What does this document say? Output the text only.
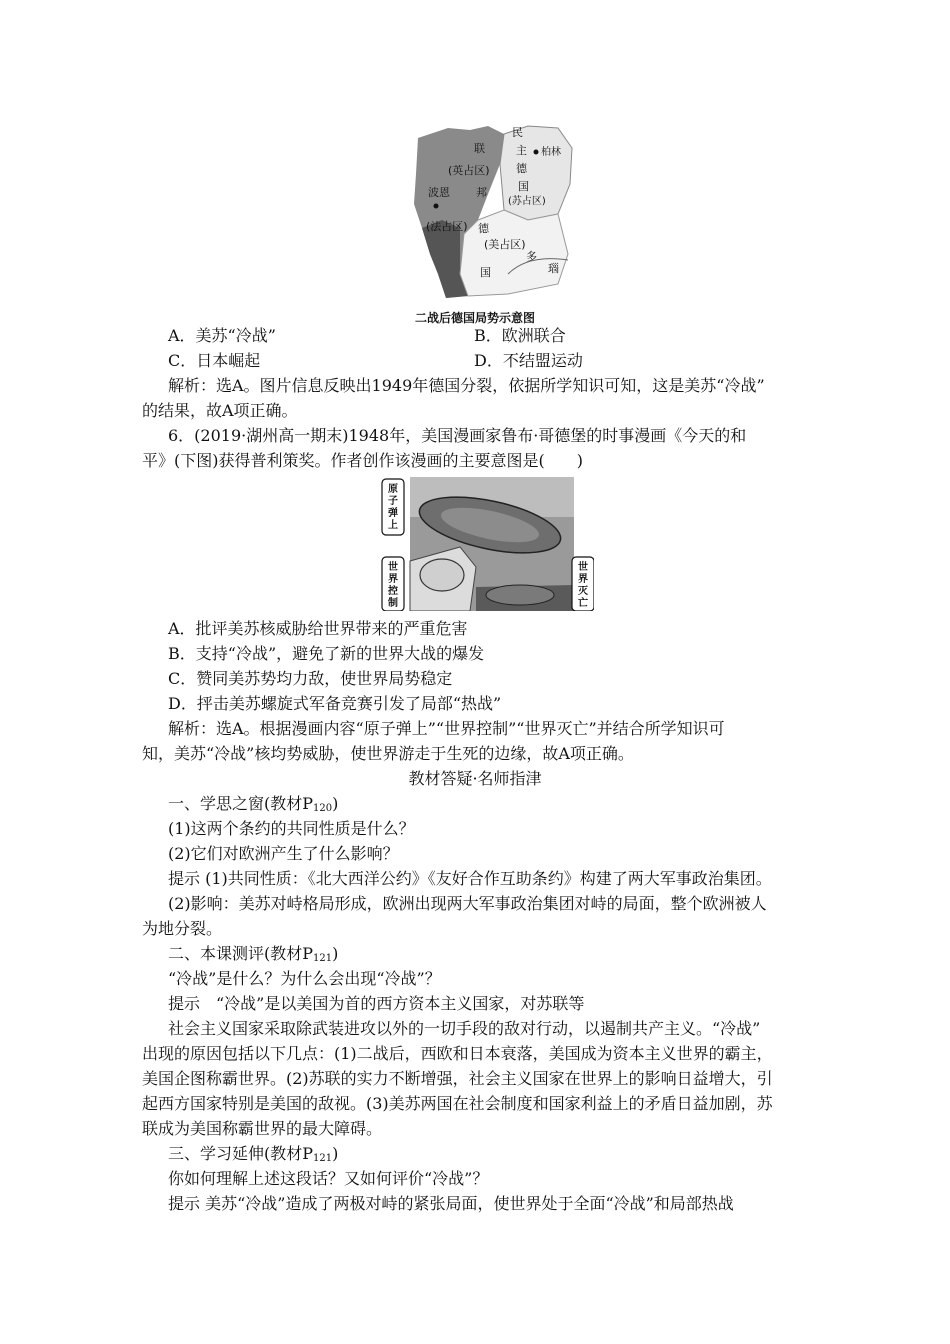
民
主 柏林
德
国
(苏占区)
联
(英占区)
邦
波恩
(法占区) 德
(美占区)
国
多
瑙
二战后德国局势示意图
A．美苏“冷战”	B．欧洲联合
C．日本崛起	D．不结盟运动
解析：选A。图片信息反映出1949年德国分裂，依据所学知识可知，这是美苏“冷战”
的结果，故A项正确。
6．(2019·湖州高一期末)1948年，美国漫画家鲁布·哥德堡的时事漫画《今天的和
平》(下图)获得普利策奖。作者创作该漫画的主要意图是(　　)
原子弹上
世界控制
世界灭亡
A．批评美苏核威胁给世界带来的严重危害
B．支持“冷战”，避免了新的世界大战的爆发
C．赞同美苏势均力敌，使世界局势稳定
D．抨击美苏螺旋式军备竞赛引发了局部“热战”
解析：选A。根据漫画内容“原子弹上”“世界控制”“世界灭亡”并结合所学知识可
知，美苏“冷战”核均势威胁，使世界游走于生死的边缘，故A项正确。
教材答疑·名师指津
一、学思之窗(教材$P_{120}$)
(1)这两个条约的共同性质是什么？
(2)它们对欧洲产生了什么影响？
提示 (1)共同性质：《北大西洋公约》《友好合作互助条约》构建了两大军事政治集团。
(2)影响：美苏对峙格局形成，欧洲出现两大军事政治集团对峙的局面，整个欧洲被人
为地分裂。
二、本课测评(教材$P_{121}$)
“冷战”是什么？为什么会出现“冷战”？
提示　“冷战”是以美国为首的西方资本主义国家，对苏联等
社会主义国家采取除武装进攻以外的一切手段的敌对行动，以遏制共产主义。“冷战”
出现的原因包括以下几点：(1)二战后，西欧和日本衰落，美国成为资本主义世界的霸主，
美国企图称霸世界。(2)苏联的实力不断增强，社会主义国家在世界上的影响日益增大，引
起西方国家特别是美国的敌视。(3)美苏两国在社会制度和国家利益上的矛盾日益加剧，苏
联成为美国称霸世界的最大障碍。
三、学习延伸(教材$P_{121}$)
你如何理解上述这段话？又如何评价“冷战”？
提示 美苏“冷战”造成了两极对峙的紧张局面，使世界处于全面“冷战”和局部热战
